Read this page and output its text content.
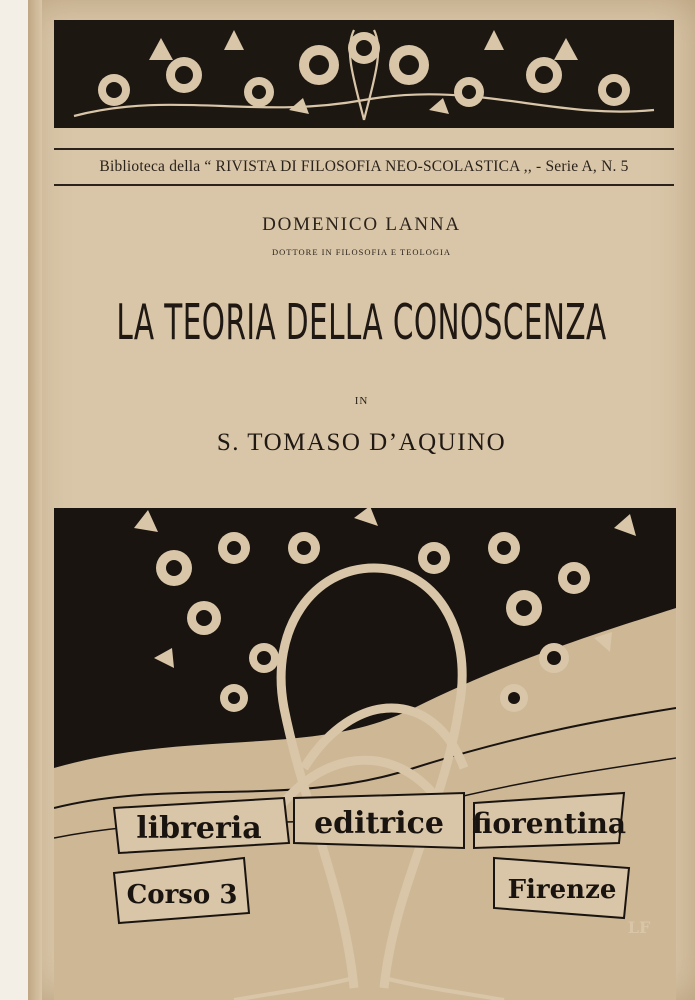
Biblioteca della “ RIVISTA DI FILOSOFIA NEO-SCOLASTICA ,, - Serie A, N. 5
DOMENICO LANNA
DOTTORE IN FILOSOFIA E TEOLOGIA
LA TEORIA DELLA CONOSCENZA
IN
S. TOMASO D’AQUINO
libreria editrice fiorentina
Corso 3	Firenze
LF
